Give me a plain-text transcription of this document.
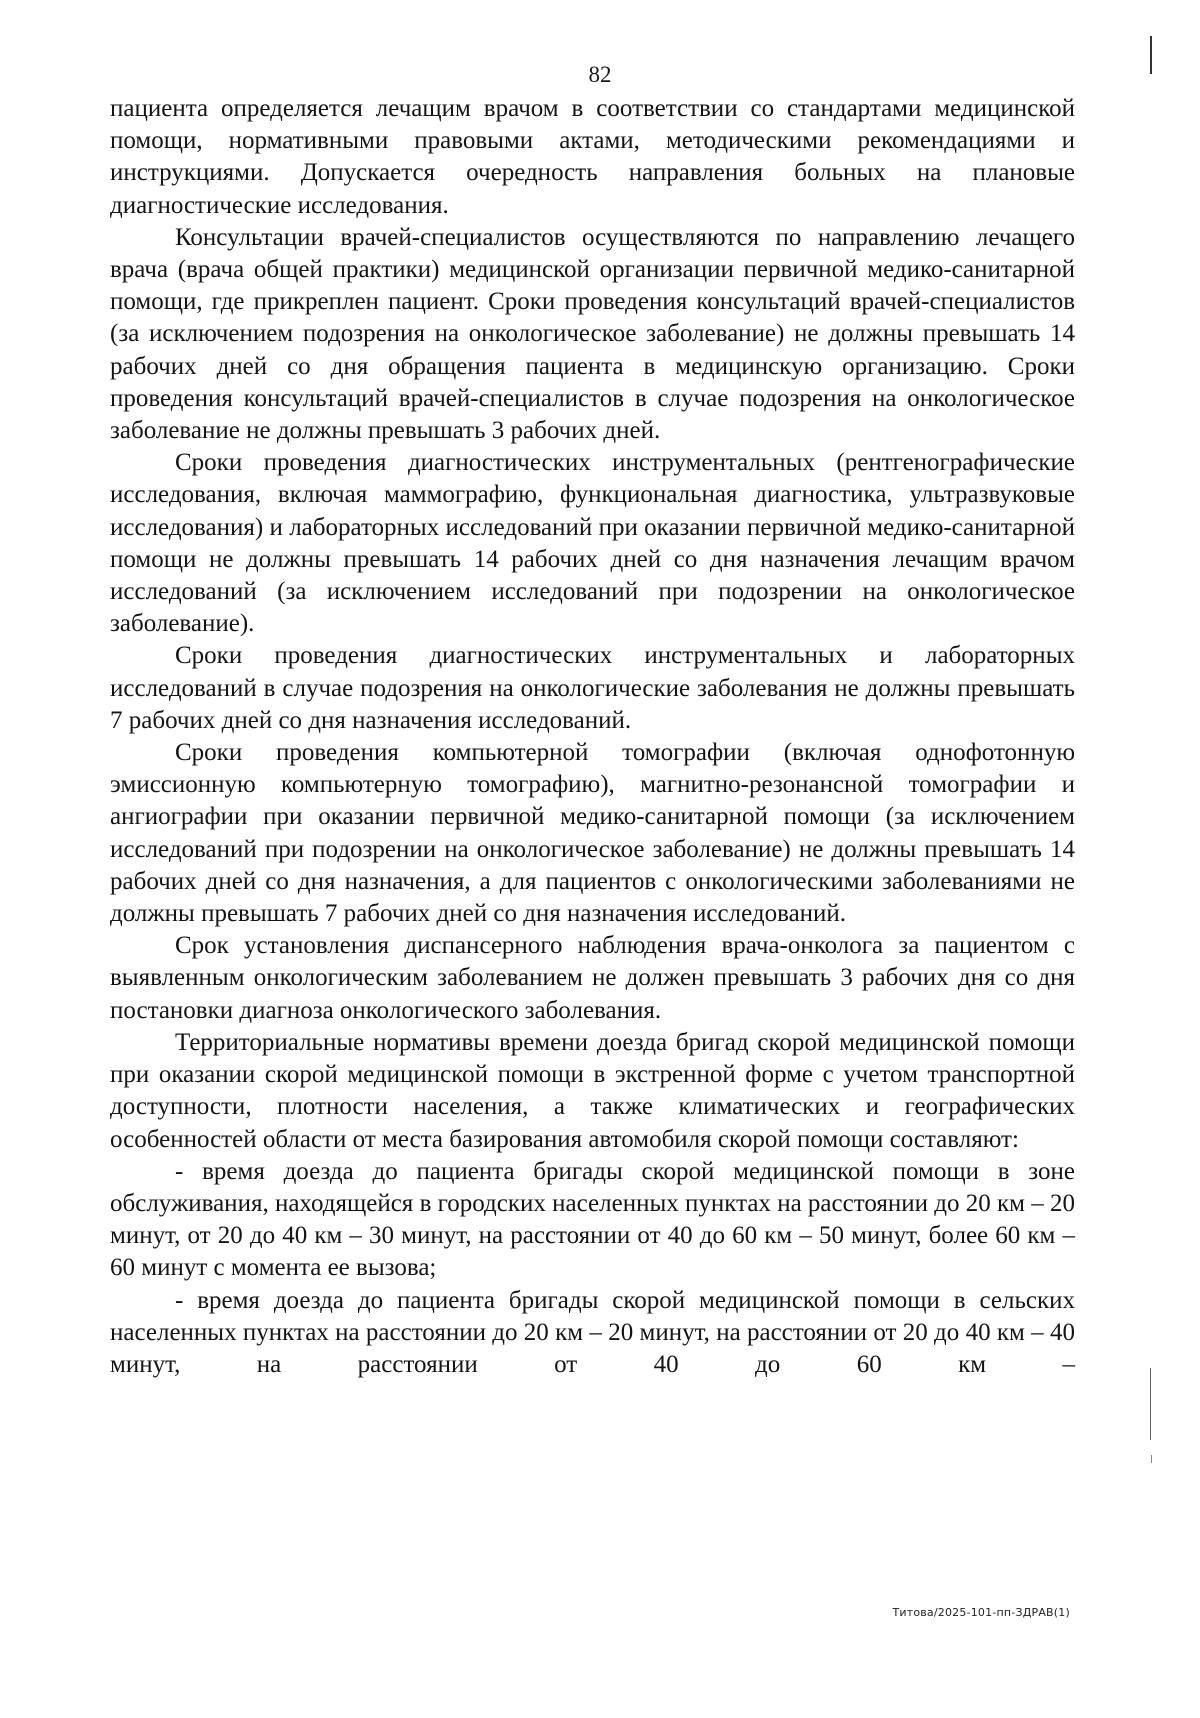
82

пациента определяется лечащим врачом в соответствии со стандартами медицинской помощи, нормативными правовыми актами, методическими рекомендациями и инструкциями. Допускается очередность направления больных на плановые диагностические исследования.

Консультации врачей-специалистов осуществляются по направлению лечащего врача (врача общей практики) медицинской организации первичной медико-санитарной помощи, где прикреплен пациент. Сроки проведения консультаций врачей-специалистов (за исключением подозрения на онкологическое заболевание) не должны превышать 14 рабочих дней со дня обращения пациента в медицинскую организацию. Сроки проведения консультаций врачей-специалистов в случае подозрения на онкологическое заболевание не должны превышать 3 рабочих дней.

Сроки проведения диагностических инструментальных (рентгенографические исследования, включая маммографию, функциональная диагностика, ультразвуковые исследования) и лабораторных исследований при оказании первичной медико-санитарной помощи не должны превышать 14 рабочих дней со дня назначения лечащим врачом исследований (за исключением исследований при подозрении на онкологическое заболевание).

Сроки проведения диагностических инструментальных и лабораторных исследований в случае подозрения на онкологические заболевания не должны превышать 7 рабочих дней со дня назначения исследований.

Сроки проведения компьютерной томографии (включая однофотонную эмиссионную компьютерную томографию), магнитно-резонансной томографии и ангиографии при оказании первичной медико-санитарной помощи (за исключением исследований при подозрении на онкологическое заболевание) не должны превышать 14 рабочих дней со дня назначения, а для пациентов с онкологическими заболеваниями не должны превышать 7 рабочих дней со дня назначения исследований.

Срок установления диспансерного наблюдения врача-онколога за пациентом с выявленным онкологическим заболеванием не должен превышать 3 рабочих дня со дня постановки диагноза онкологического заболевания.

Территориальные нормативы времени доезда бригад скорой медицинской помощи при оказании скорой медицинской помощи в экстренной форме с учетом транспортной доступности, плотности населения, а также климатических и географических особенностей области от места базирования автомобиля скорой помощи составляют:

- время доезда до пациента бригады скорой медицинской помощи в зоне обслуживания, находящейся в городских населенных пунктах на расстоянии до 20 км – 20 минут, от 20 до 40 км – 30 минут, на расстоянии от 40 до 60 км – 50 минут, более 60 км – 60 минут с момента ее вызова;

- время доезда до пациента бригады скорой медицинской помощи в сельских населенных пунктах на расстоянии до 20 км – 20 минут, на расстоянии от 20 до 40 км – 40 минут, на расстоянии от 40 до 60 км –

Титова/2025-101-пп-ЗДРАВ(1)
